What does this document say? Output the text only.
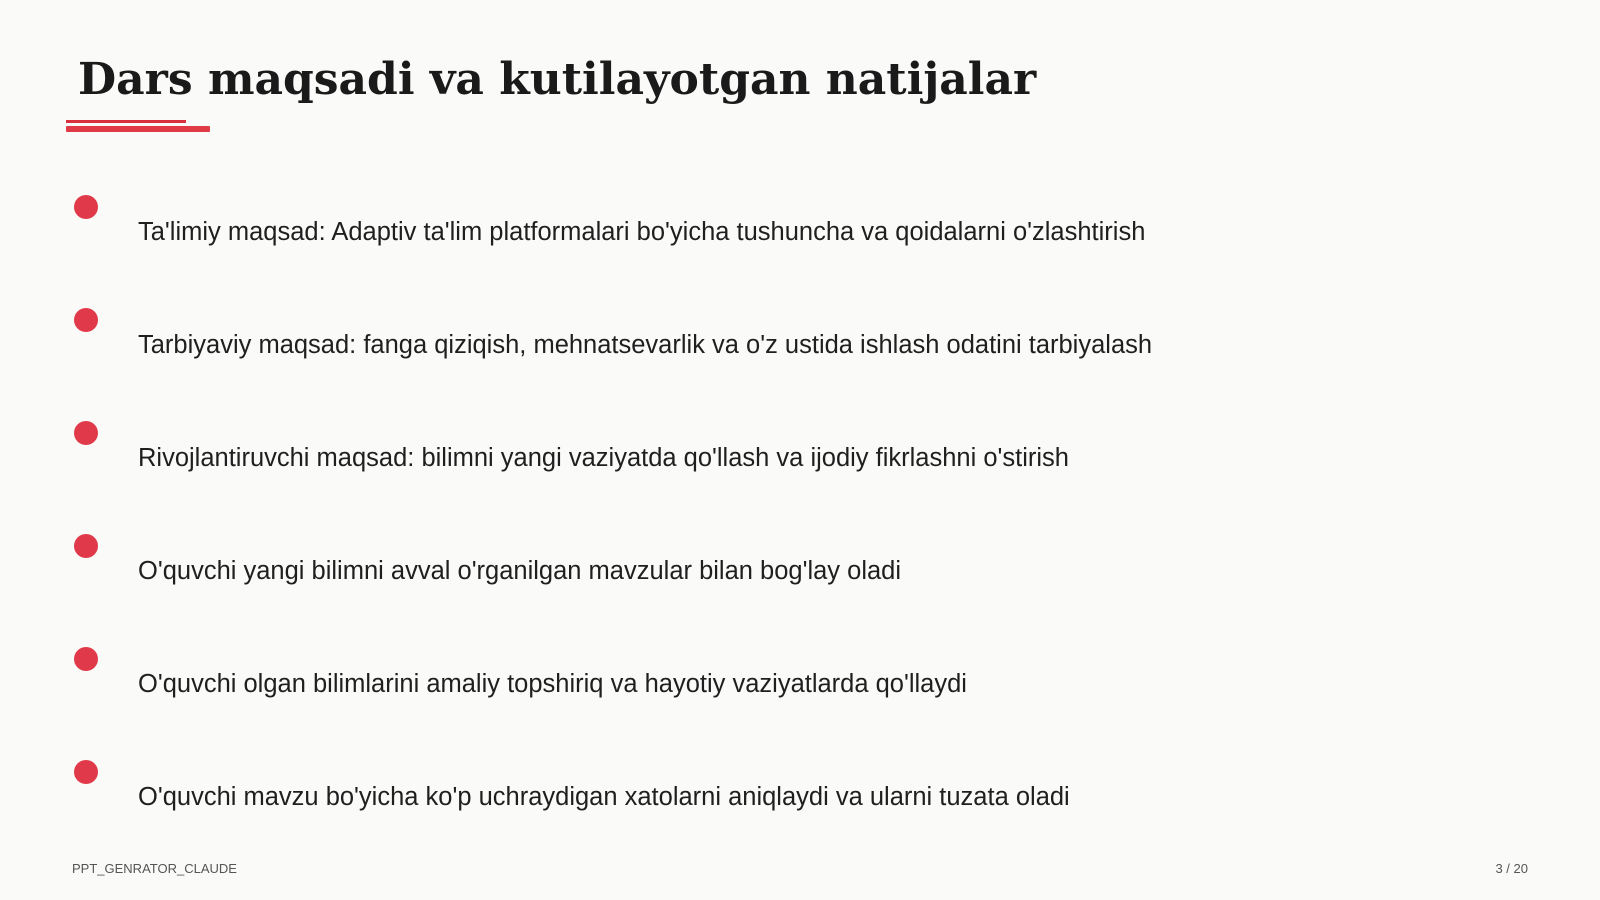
Dars maqsadi va kutilayotgan natijalar
Ta'limiy maqsad: Adaptiv ta'lim platformalari bo'yicha tushuncha va qoidalarni o'zlashtirish
Tarbiyaviy maqsad: fanga qiziqish, mehnatsevarlik va o'z ustida ishlash odatini tarbiyalash
Rivojlantiruvchi maqsad: bilimni yangi vaziyatda qo'llash va ijodiy fikrlashni o'stirish
O'quvchi yangi bilimni avval o'rganilgan mavzular bilan bog'lay oladi
O'quvchi olgan bilimlarini amaliy topshiriq va hayotiy vaziyatlarda qo'llaydi
O'quvchi mavzu bo'yicha ko'p uchraydigan xatolarni aniqlaydi va ularni tuzata oladi
PPT_GENRATOR_CLAUDE	3 / 20
